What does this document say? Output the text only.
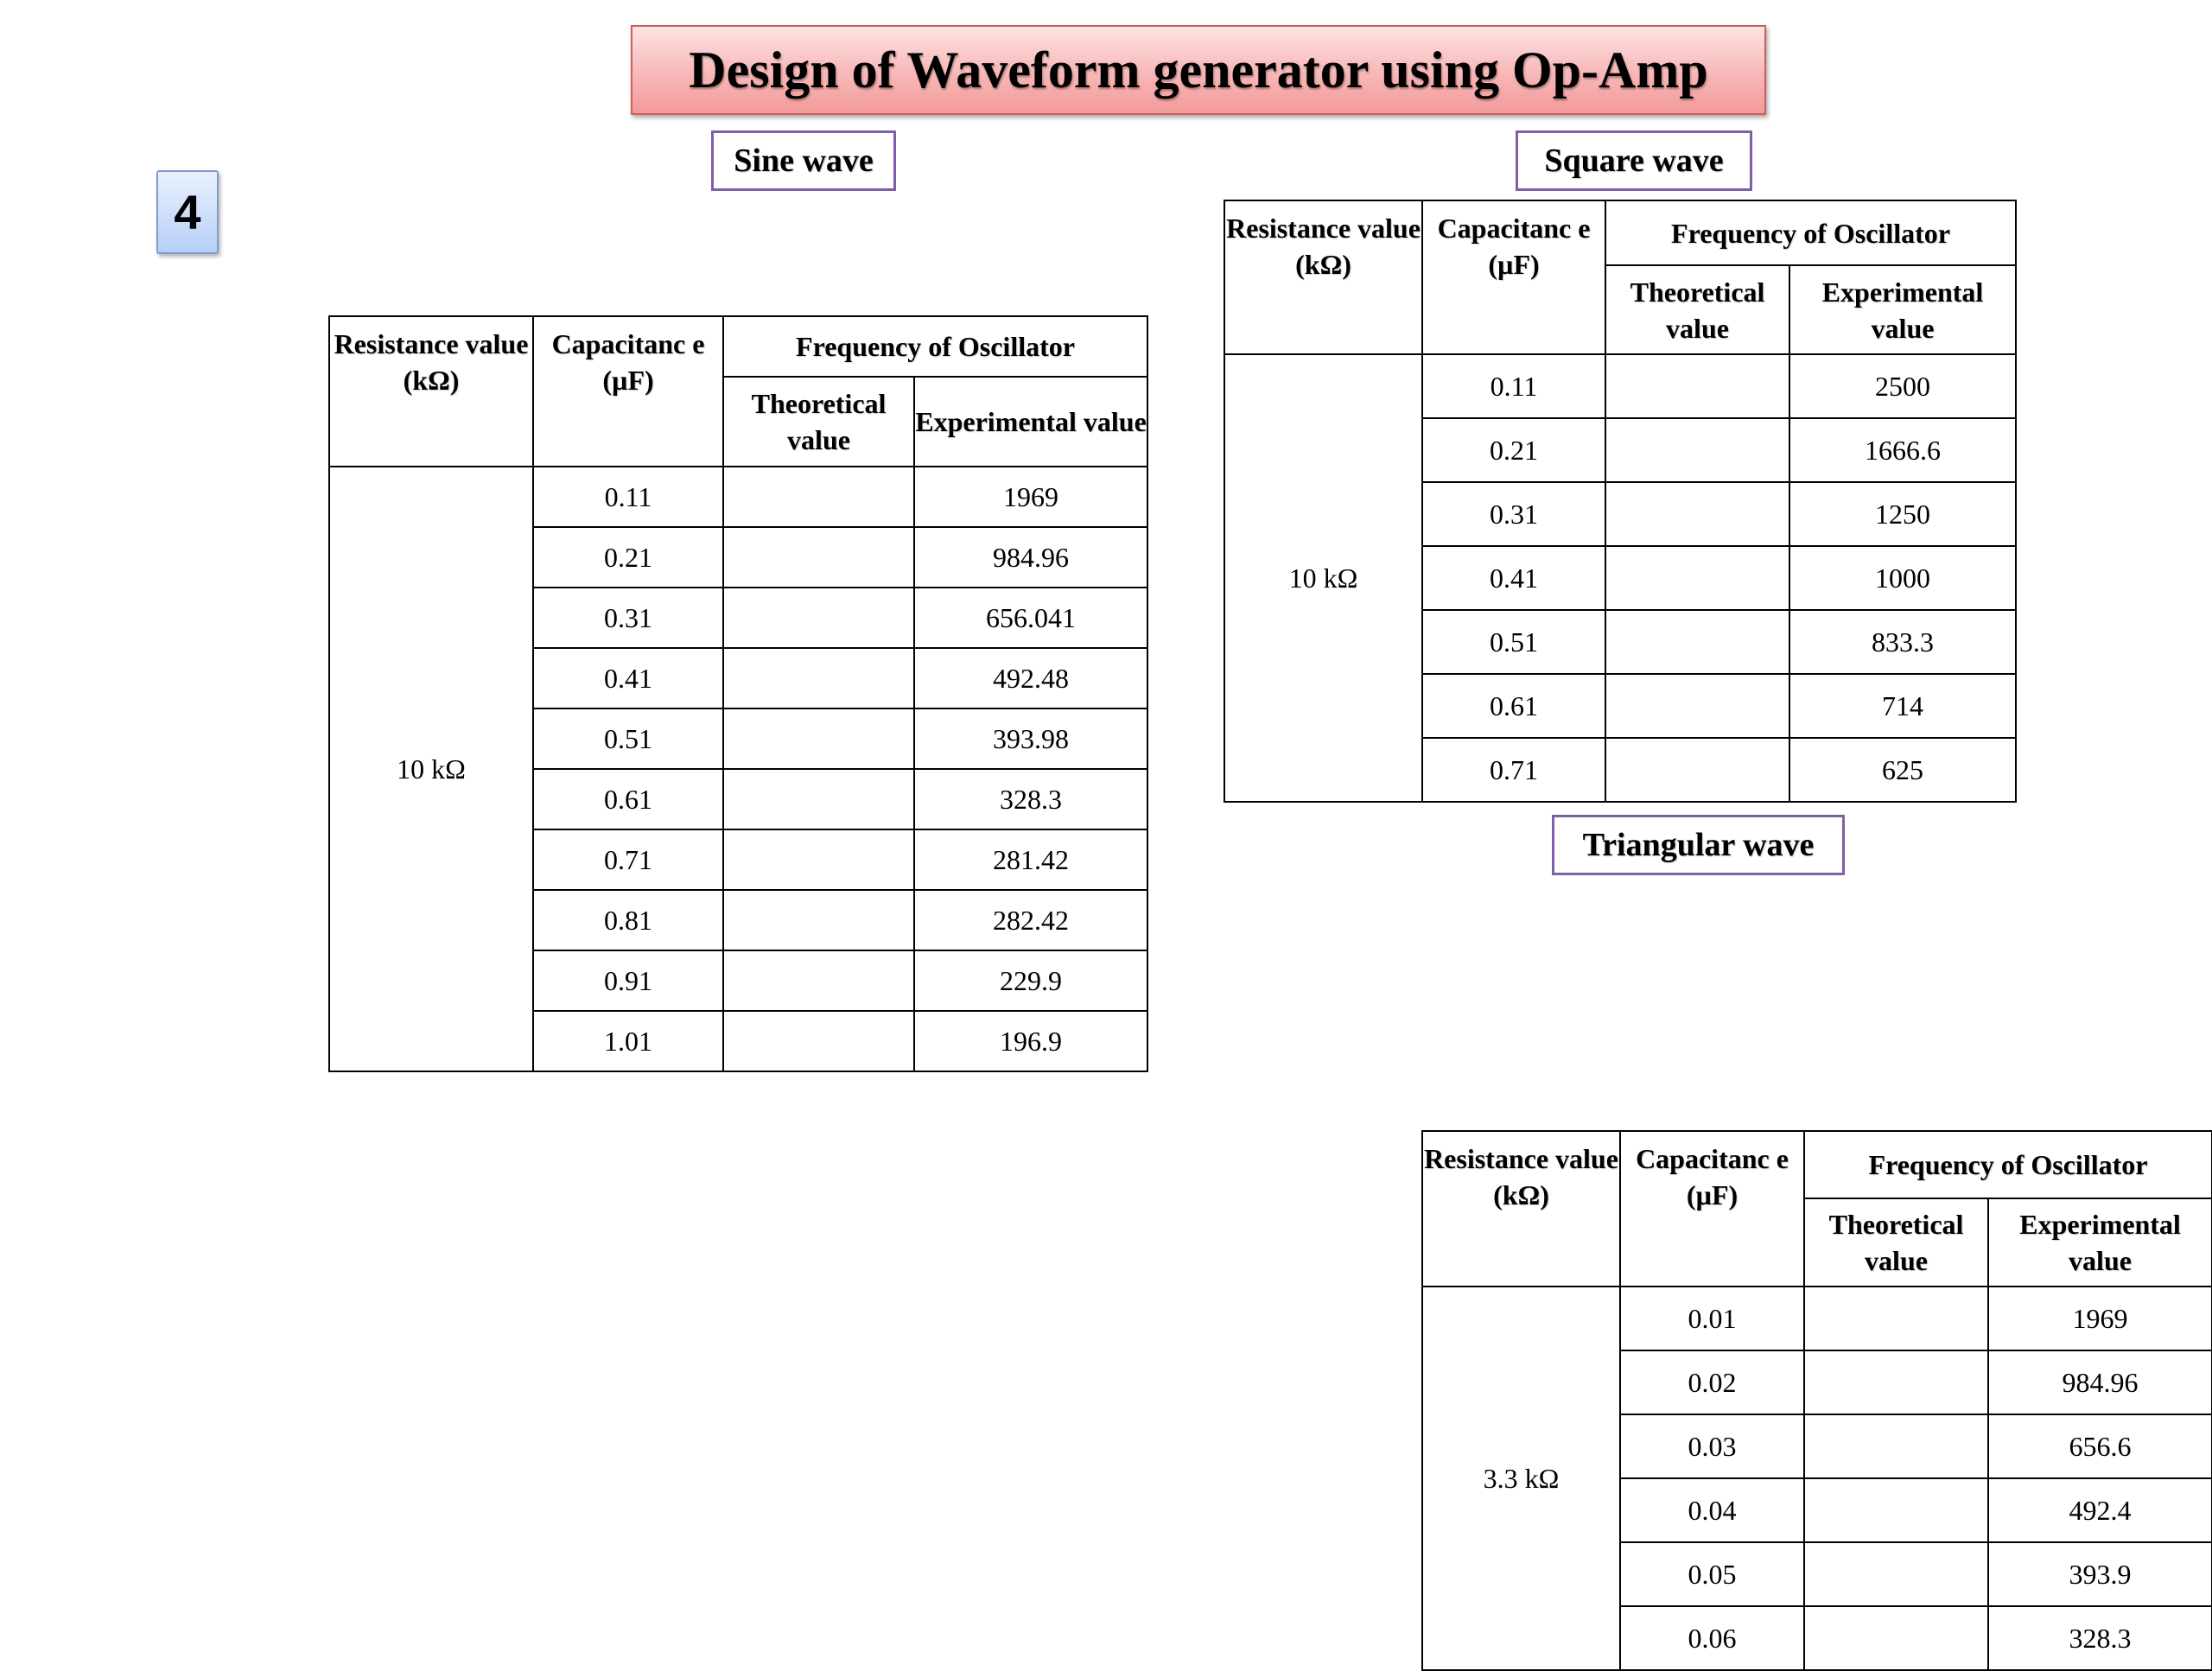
Design of Waveform generator using Op-Amp
4
Sine wave	Square wave
Triangular wave
Resistance value (kΩ)	Capacitanc e (µF)	Frequency of Oscillator	
		Theoretical value	Experimental value
10 kΩ	0.11		1969
	0.21		984.96
	0.31		656.041
	0.41		492.48
	0.51		393.98
	0.61		328.3
	0.71		281.42
	0.81		282.42
	0.91		229.9
	1.01		196.9
Resistance value (kΩ)	Capacitanc e (µF)	Frequency of Oscillator	
		Theoretical value	Experimental value
10 kΩ	0.11		2500
	0.21		1666.6
	0.31		1250
	0.41		1000
	0.51		833.3
	0.61		714
	0.71		625
Resistance value (kΩ)	Capacitanc e (µF)	Frequency of Oscillator	
		Theoretical value	Experimental value
3.3 kΩ	0.01		1969
	0.02		984.96
	0.03		656.6
	0.04		492.4
	0.05		393.9
	0.06		328.3
